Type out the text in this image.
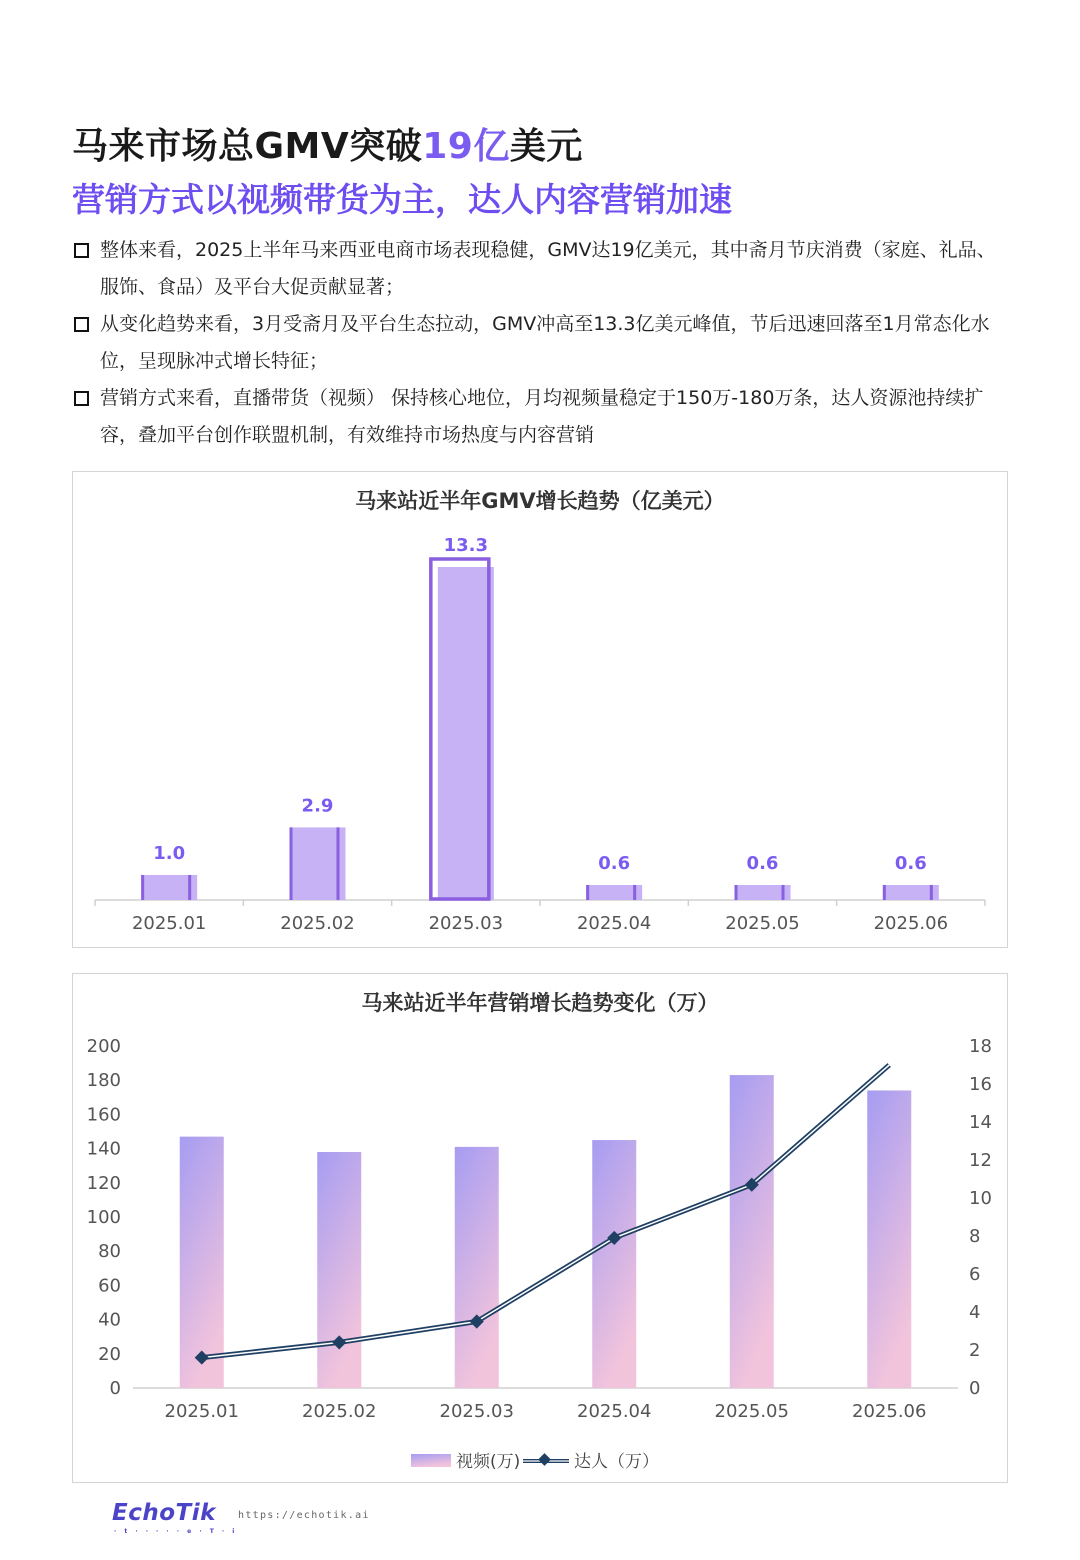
马来市场总GMV突破19亿美元
营销方式以视频带货为主，达人内容营销加速
整体来看，2025上半年马来西亚电商市场表现稳健，GMV达19亿美元，其中斋月节庆消费（家庭、礼品、服饰、食品）及平台大促贡献显著；
从变化趋势来看，3月受斋月及平台生态拉动，GMV冲高至13.3亿美元峰值，节后迅速回落至1月常态化水位，呈现脉冲式增长特征；
营销方式来看，直播带货（视频） 保持核心地位，月均视频量稳定于150万-180万条，达人资源池持续扩容，叠加平台创作联盟机制，有效维持市场热度与内容营销
马来站近半年GMV增长趋势（亿美元）
1.0
2025.01
2.9
2025.02
13.3
2025.03
0.6
2025.04
0.6
2025.05
0.6
2025.06
马来站近半年营销增长趋势变化（万）
0
20
40
60
80
100
120
140
160
180
200
0
2
4
6
8
10
12
14
16
18
2025.01	2025.02	2025.03	2025.04	2025.05	2025.06
视频(万)	达人（万）
EchoTik
· t · · · · · e · T · i
https://echotik.ai
